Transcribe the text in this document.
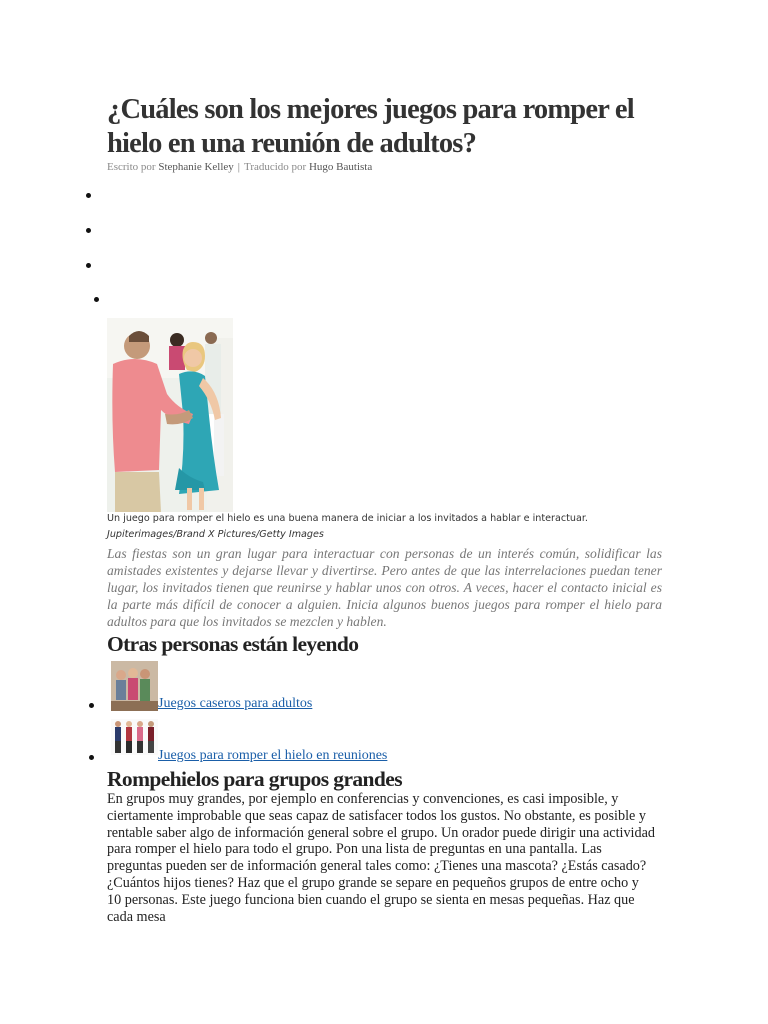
¿Cuáles son los mejores juegos para romper el hielo en una reunión de adultos?
Escrito por Stephanie Kelley | Traducido por Hugo Bautista
Un juego para romper el hielo es una buena manera de iniciar a los invitados a hablar e interactuar.
Jupiterimages/Brand X Pictures/Getty Images

Las fiestas son un gran lugar para interactuar con personas de un interés común, solidificar las amistades existentes y dejarse llevar y divertirse. Pero antes de que las interrelaciones puedan tener lugar, los invitados tienen que reunirse y hablar unos con otros. A veces, hacer el contacto inicial es la parte más difícil de conocer a alguien. Inicia algunos buenos juegos para romper el hielo para adultos para que los invitados se mezclen y hablen.

Otras personas están leyendo
Juegos caseros para adultos
Juegos para romper el hielo en reuniones
Rompehielos para grupos grandes

En grupos muy grandes, por ejemplo en conferencias y convenciones, es casi imposible, y ciertamente improbable que seas capaz de satisfacer todos los gustos. No obstante, es posible y rentable saber algo de información general sobre el grupo. Un orador puede dirigir una actividad para romper el hielo para todo el grupo. Pon una lista de preguntas en una pantalla. Las preguntas pueden ser de información general tales como: ¿Tienes una mascota? ¿Estás casado? ¿Cuántos hijos tienes? Haz que el grupo grande se separe en pequeños grupos de entre ocho y 10 personas. Este juego funciona bien cuando el grupo se sienta en mesas pequeñas. Haz que cada mesa
